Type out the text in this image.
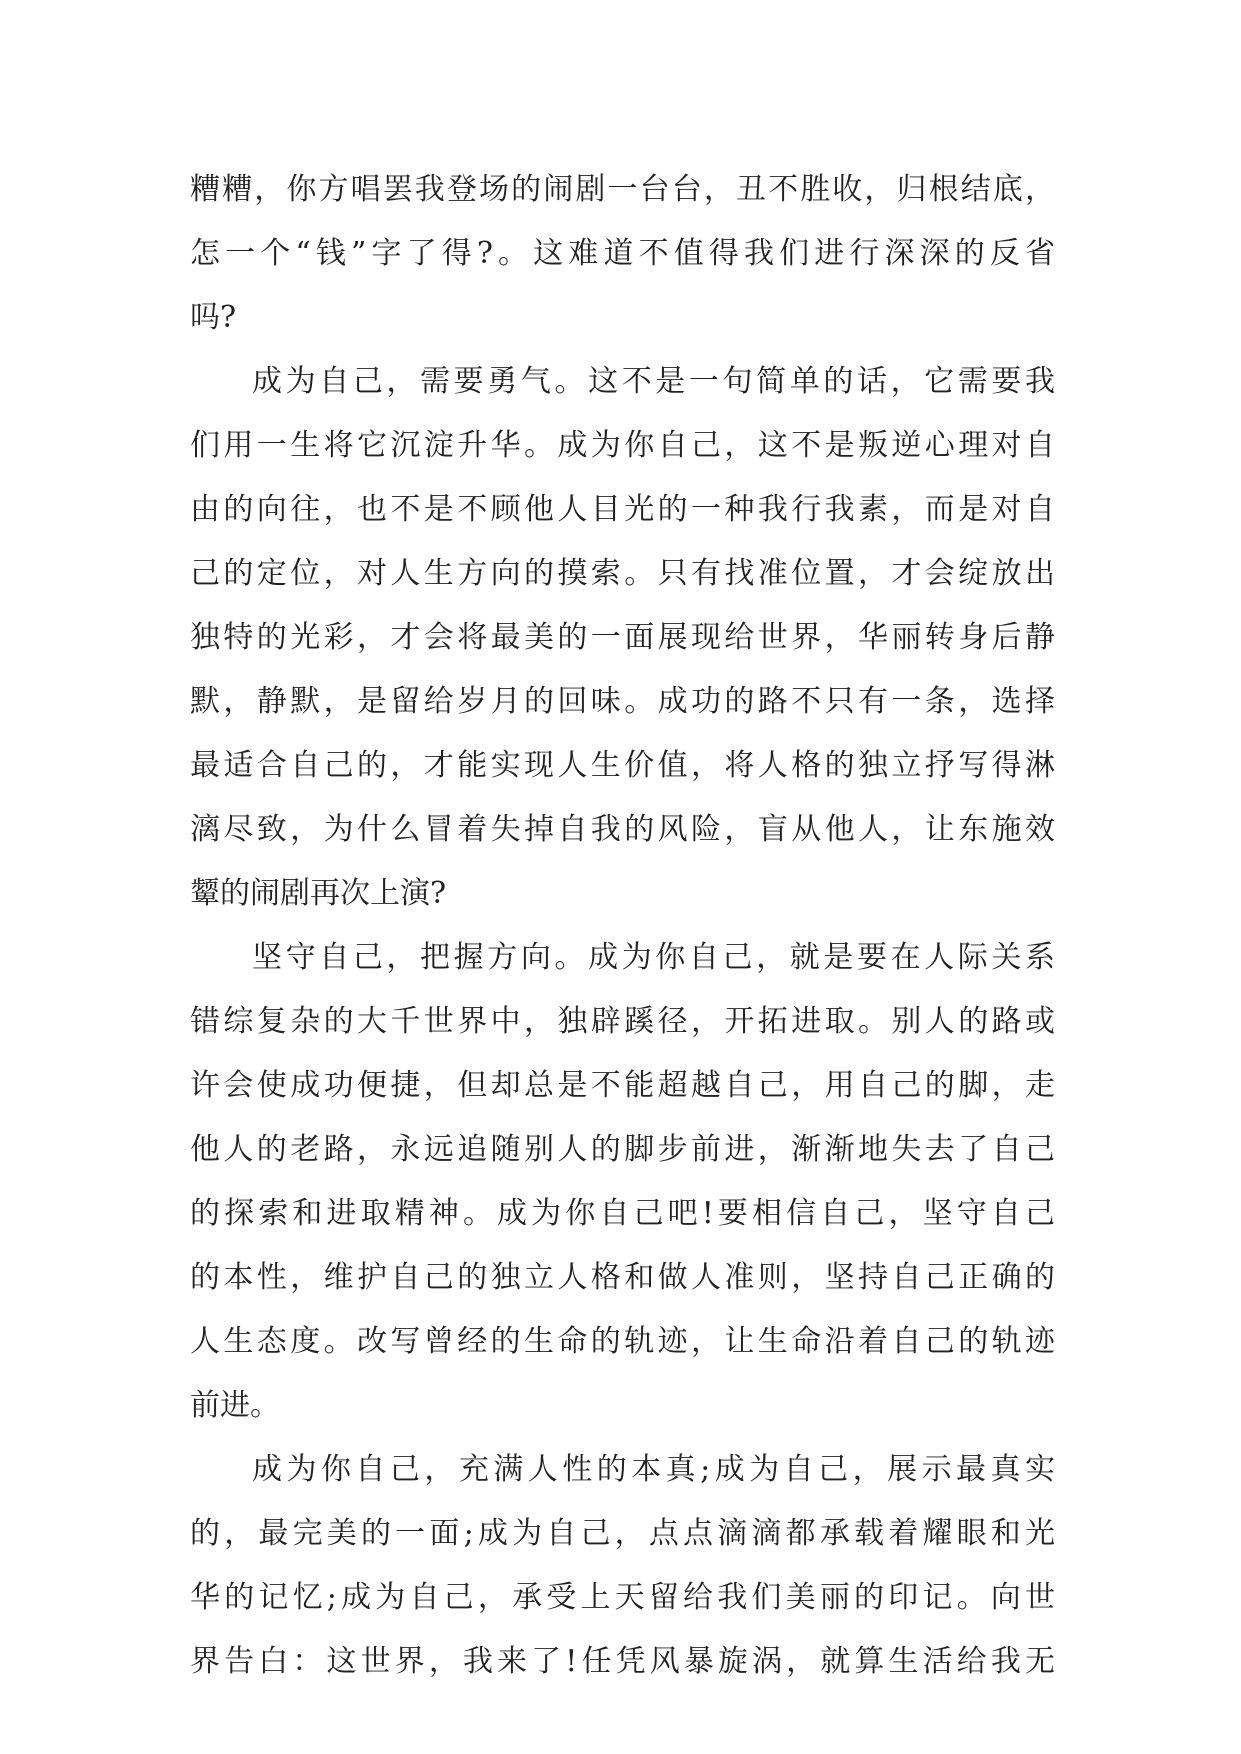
糟糟，你方唱罢我登场的闹剧一台台，丑不胜收，归根结底，
怎一个“钱”字了得?。这难道不值得我们进行深深的反省
吗?
成为自己，需要勇气。这不是一句简单的话，它需要我
们用一生将它沉淀升华。成为你自己，这不是叛逆心理对自
由的向往，也不是不顾他人目光的一种我行我素，而是对自
己的定位，对人生方向的摸索。只有找准位置，才会绽放出
独特的光彩，才会将最美的一面展现给世界，华丽转身后静
默，静默，是留给岁月的回味。成功的路不只有一条，选择
最适合自己的，才能实现人生价值，将人格的独立抒写得淋
漓尽致，为什么冒着失掉自我的风险，盲从他人，让东施效
颦的闹剧再次上演?
坚守自己，把握方向。成为你自己，就是要在人际关系
错综复杂的大千世界中，独辟蹊径，开拓进取。别人的路或
许会使成功便捷，但却总是不能超越自己，用自己的脚，走
他人的老路，永远追随别人的脚步前进，渐渐地失去了自己
的探索和进取精神。成为你自己吧!要相信自己，坚守自己
的本性，维护自己的独立人格和做人准则，坚持自己正确的
人生态度。改写曾经的生命的轨迹，让生命沿着自己的轨迹
前进。
成为你自己，充满人性的本真;成为自己，展示最真实
的，最完美的一面;成为自己，点点滴滴都承载着耀眼和光
华的记忆;成为自己，承受上天留给我们美丽的印记。向世
界告白：这世界，我来了!任凭风暴旋涡，就算生活给我无
